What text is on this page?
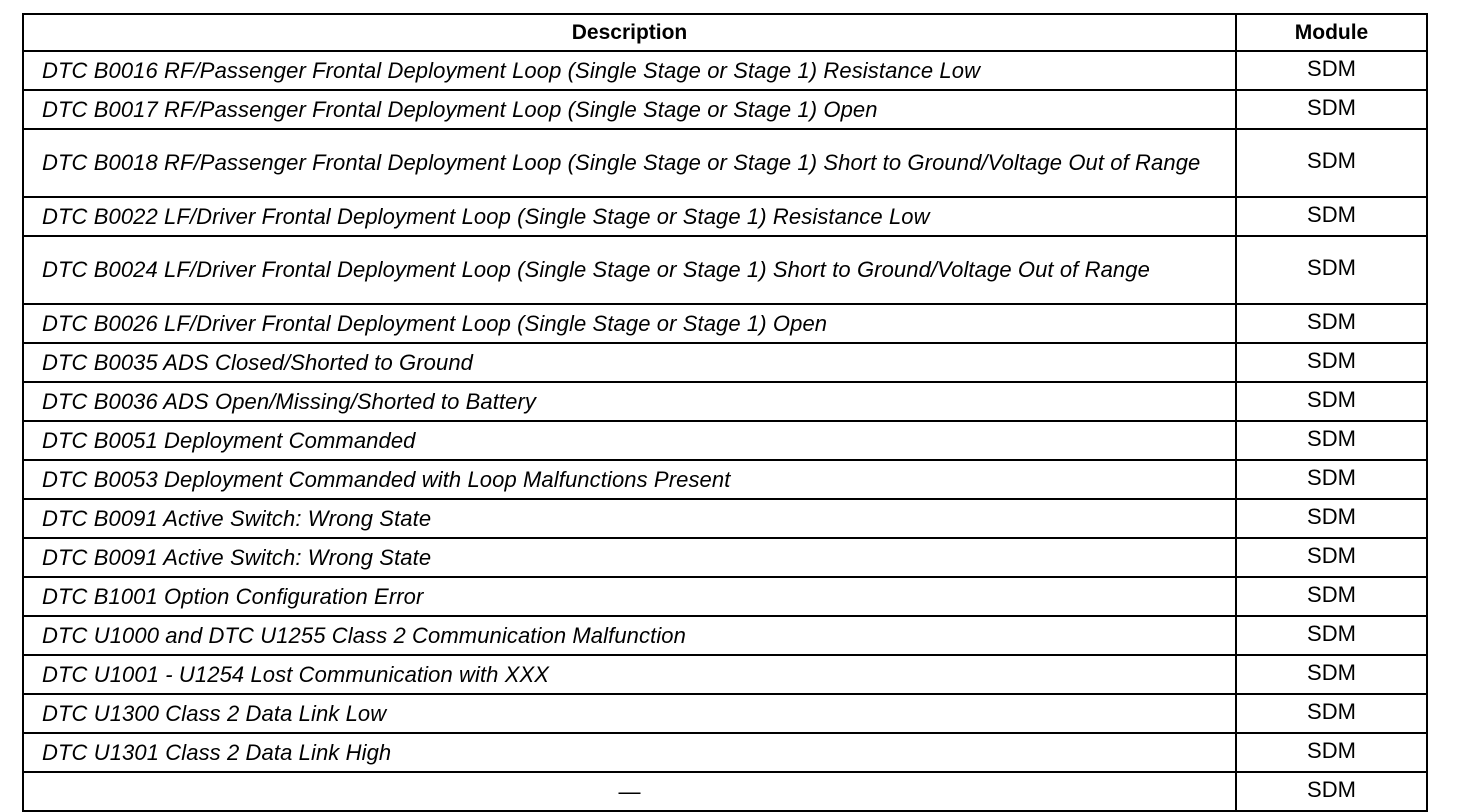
Description	Module
DTC B0016 RF/Passenger Frontal Deployment Loop (Single Stage or Stage 1) Resistance Low	SDM
DTC B0017 RF/Passenger Frontal Deployment Loop (Single Stage or Stage 1) Open	SDM
DTC B0018 RF/Passenger Frontal Deployment Loop (Single Stage or Stage 1) Short to Ground/Voltage Out of Range	SDM
DTC B0022 LF/Driver Frontal Deployment Loop (Single Stage or Stage 1) Resistance Low	SDM
DTC B0024 LF/Driver Frontal Deployment Loop (Single Stage or Stage 1) Short to Ground/Voltage Out of Range	SDM
DTC B0026 LF/Driver Frontal Deployment Loop (Single Stage or Stage 1) Open	SDM
DTC B0035 ADS Closed/Shorted to Ground	SDM
DTC B0036 ADS Open/Missing/Shorted to Battery	SDM
DTC B0051 Deployment Commanded	SDM
DTC B0053 Deployment Commanded with Loop Malfunctions Present	SDM
DTC B0091 Active Switch: Wrong State	SDM
DTC B0091 Active Switch: Wrong State	SDM
DTC B1001 Option Configuration Error	SDM
DTC U1000 and DTC U1255 Class 2 Communication Malfunction	SDM
DTC U1001 - U1254 Lost Communication with XXX	SDM
DTC U1300 Class 2 Data Link Low	SDM
DTC U1301 Class 2 Data Link High	SDM
—	SDM
